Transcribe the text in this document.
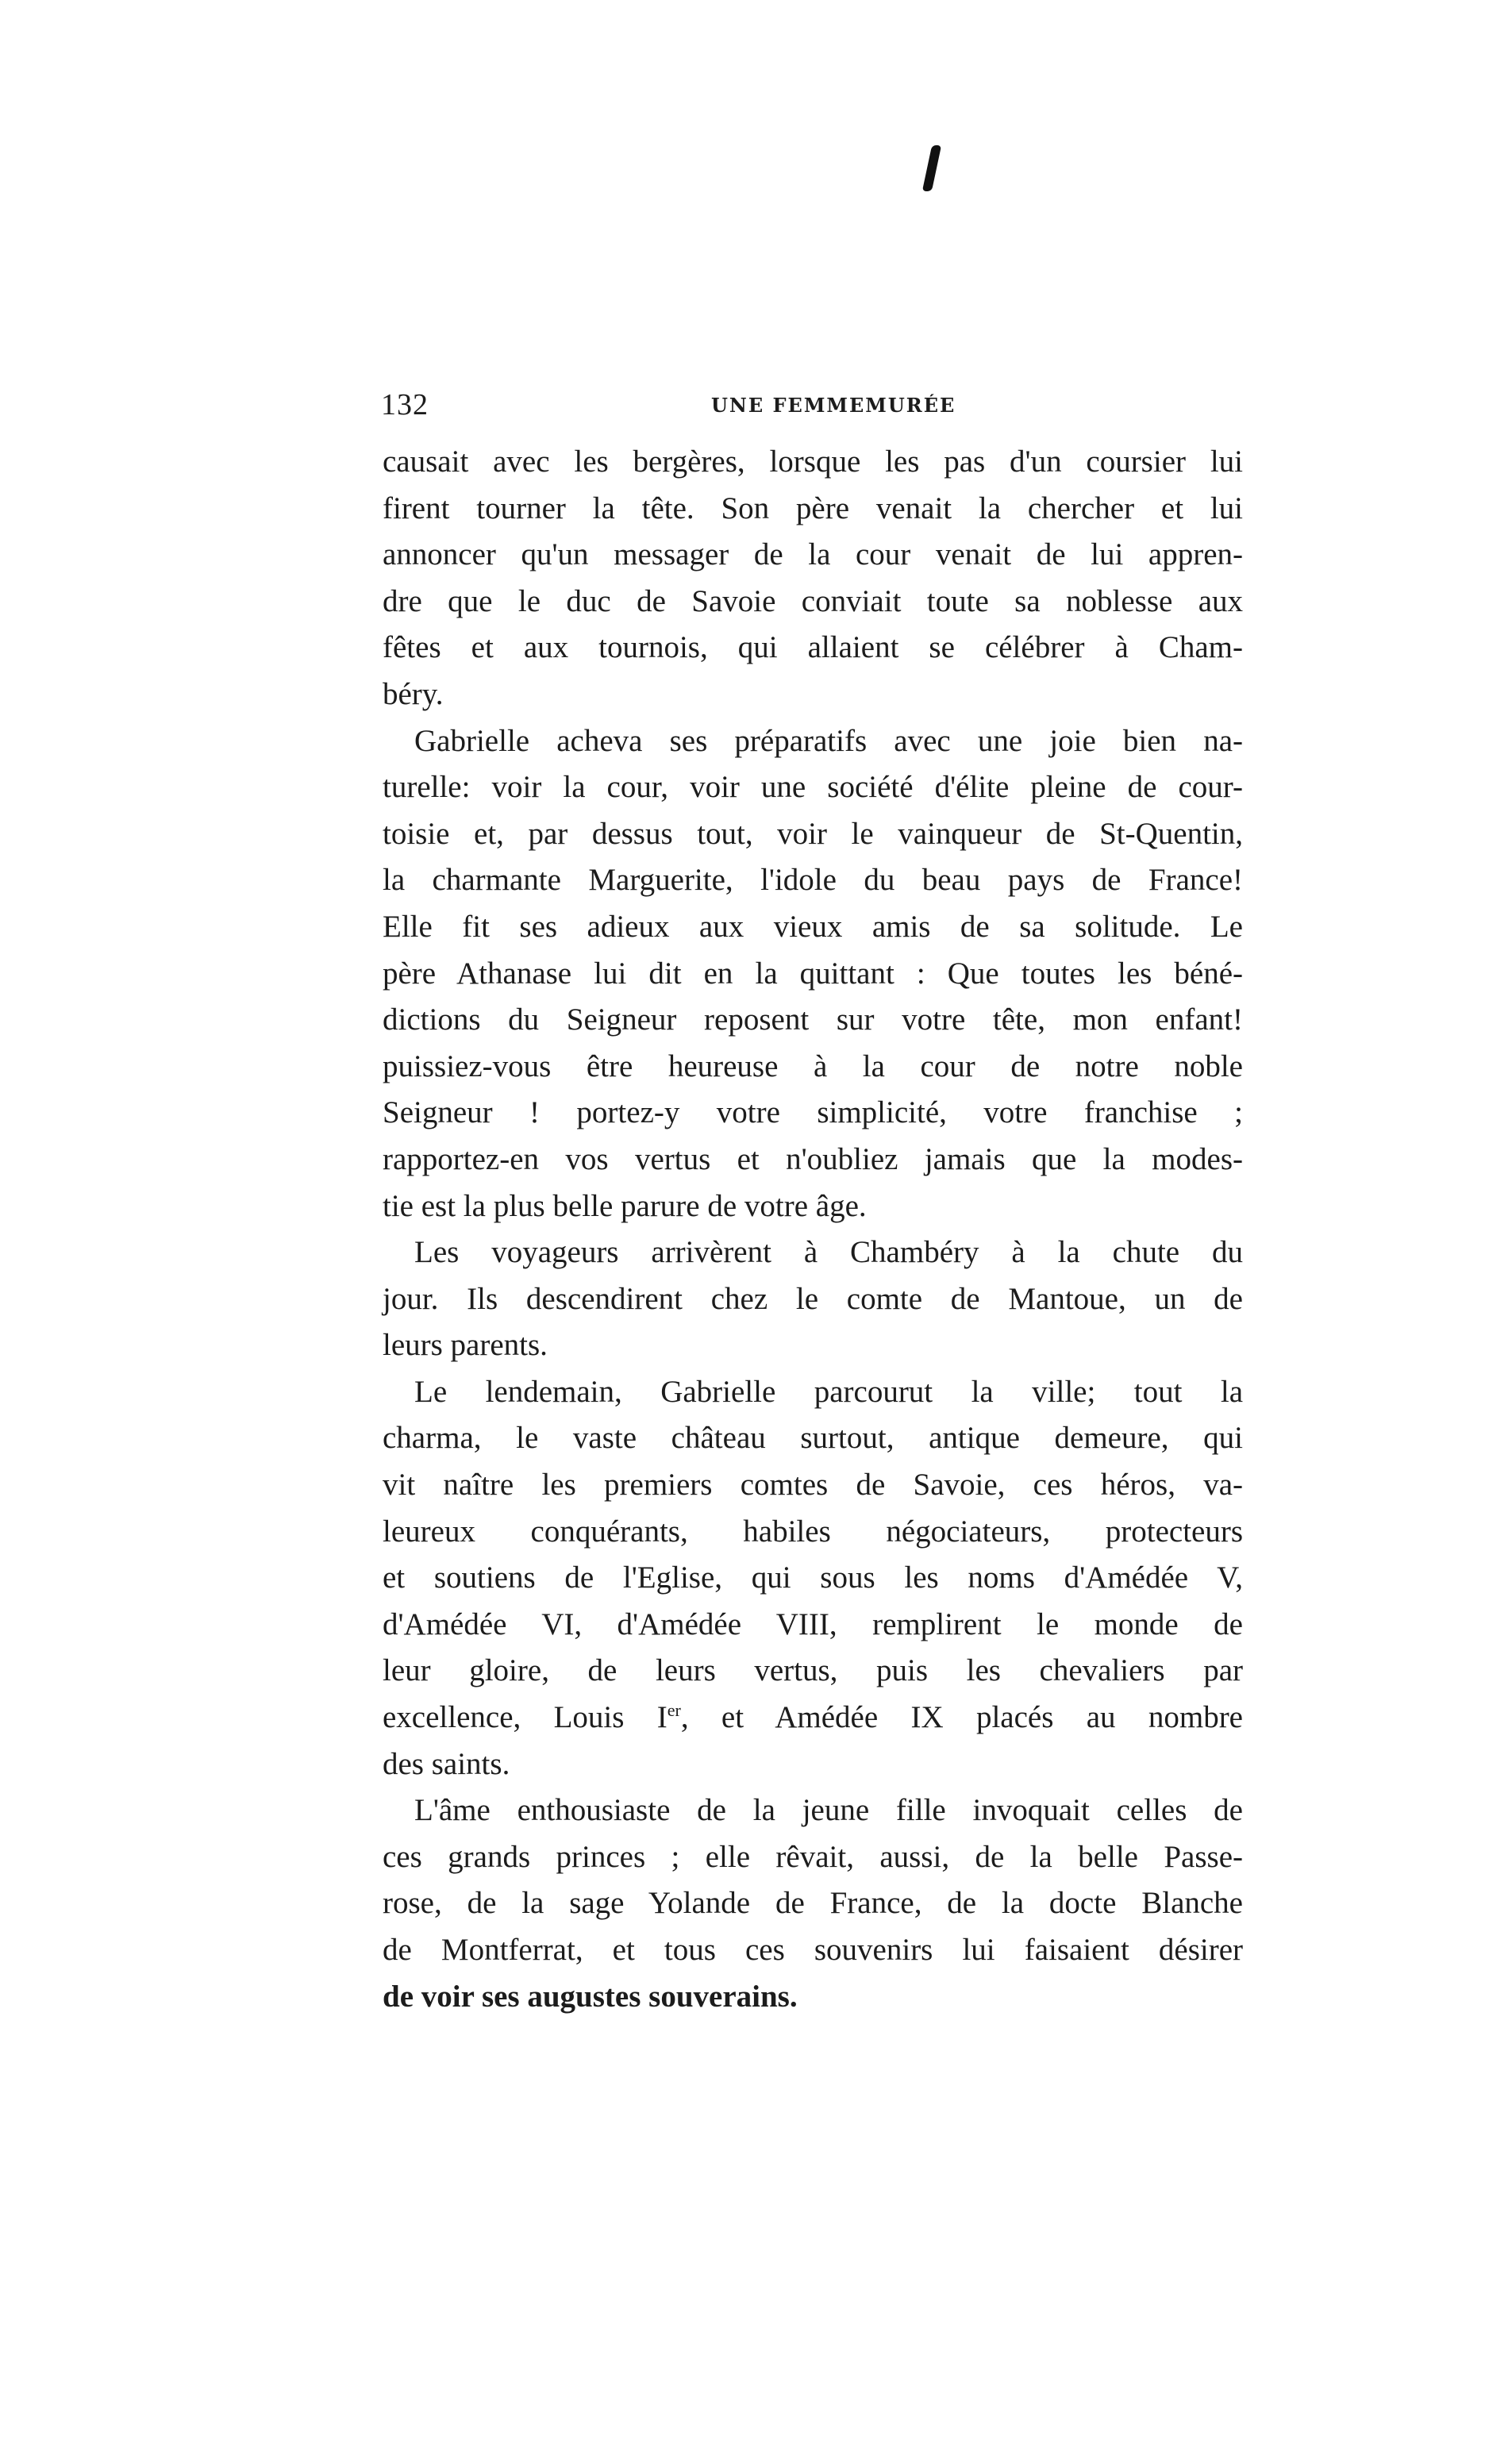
132	UNE FEMMEMURÉE
causait avec les bergères, lorsque les pas d'un coursier lui
firent tourner la tête. Son père venait la chercher et lui
annoncer qu'un messager de la cour venait de lui appren-
dre que le duc de Savoie conviait toute sa noblesse aux
fêtes et aux tournois, qui allaient se célébrer à Cham-
béry.
Gabrielle acheva ses préparatifs avec une joie bien na-
turelle: voir la cour, voir une société d'élite pleine de cour-
toisie et, par dessus tout, voir le vainqueur de St-Quentin,
la charmante Marguerite, l'idole du beau pays de France!
Elle fit ses adieux aux vieux amis de sa solitude. Le
père Athanase lui dit en la quittant : Que toutes les béné-
dictions du Seigneur reposent sur votre tête, mon enfant!
puissiez-vous être heureuse à la cour de notre noble
Seigneur ! portez-y votre simplicité, votre franchise ;
rapportez-en vos vertus et n'oubliez jamais que la modes-
tie est la plus belle parure de votre âge.
Les voyageurs arrivèrent à Chambéry à la chute du
jour. Ils descendirent chez le comte de Mantoue, un de
leurs parents.
Le lendemain, Gabrielle parcourut la ville; tout la
charma, le vaste château surtout, antique demeure, qui
vit naître les premiers comtes de Savoie, ces héros, va-
leureux conquérants, habiles négociateurs, protecteurs
et soutiens de l'Eglise, qui sous les noms d'Amédée V,
d'Amédée VI, d'Amédée VIII, remplirent le monde de
leur gloire, de leurs vertus, puis les chevaliers par
excellence, Louis Ier, et Amédée IX placés au nombre
des saints.
L'âme enthousiaste de la jeune fille invoquait celles de
ces grands princes ; elle rêvait, aussi, de la belle Passe-
rose, de la sage Yolande de France, de la docte Blanche
de Montferrat, et tous ces souvenirs lui faisaient désirer
de voir ses augustes souverains.
